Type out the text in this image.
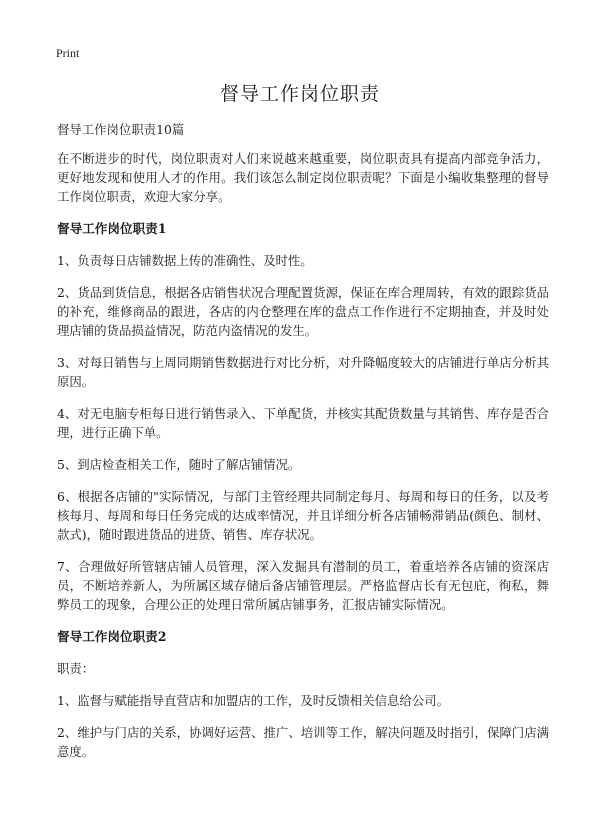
Print
督导工作岗位职责

督导工作岗位职责10篇

在不断进步的时代，岗位职责对人们来说越来越重要，岗位职责具有提高内部竞争活力，更好地发现和使用人才的作用。我们该怎么制定岗位职责呢？下面是小编收集整理的督导工作岗位职责，欢迎大家分享。

督导工作岗位职责1

1、负责每日店铺数据上传的准确性、及时性。

2、货品到货信息，根据各店销售状况合理配置货源，保证在库合理周转，有效的跟踪货品的补充，维修商品的跟进，各店的内仓整理在库的盘点工作作进行不定期抽查，并及时处理店铺的货品损益情况，防范内盗情况的发生。

3、对每日销售与上周同期销售数据进行对比分析，对升降幅度较大的店铺进行单店分析其原因。

4、对无电脑专柜每日进行销售录入、下单配货，并核实其配货数量与其销售、库存是否合理，进行正确下单。

5、到店检查相关工作，随时了解店铺情况。

6、根据各店铺的"实际情况，与部门主管经理共同制定每月、每周和每日的任务，以及考核每月、每周和每日任务完成的达成率情况，并且详细分析各店铺畅滞销品(颜色、制材、款式)，随时跟进货品的进货、销售、库存状况。

7、合理做好所管辖店铺人员管理，深入发掘具有潜制的员工，着重培养各店铺的资深店员，不断培养新人，为所属区域存储后备店铺管理层。严格监督店长有无包庇，徇私，舞弊员工的现象，合理公正的处理日常所属店铺事务，汇报店铺实际情况。

督导工作岗位职责2

职责：

1、监督与赋能指导直营店和加盟店的工作，及时反馈相关信息给公司。

2、维护与门店的关系，协调好运营、推广、培训等工作，解决问题及时指引，保障门店满意度。
